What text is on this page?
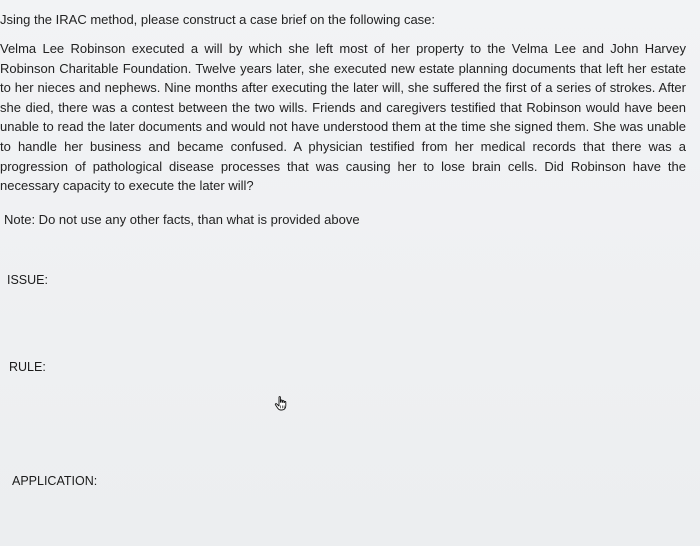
Jsing the IRAC method, please construct a case brief on the following case:
Velma Lee Robinson executed a will by which she left most of her property to the Velma Lee and John Harvey Robinson Charitable Foundation. Twelve years later, she executed new estate planning documents that left her estate to her nieces and nephews. Nine months after executing the later will, she suffered the first of a series of strokes. After she died, there was a contest between the two wills. Friends and caregivers testified that Robinson would have been unable to read the later documents and would not have understood them at the time she signed them. She was unable to handle her business and became confused. A physician testified from her medical records that there was a progression of pathological disease processes that was causing her to lose brain cells. Did Robinson have the necessary capacity to execute the later will?
Note: Do not use any other facts, than what is provided above
ISSUE:
RULE:
APPLICATION:
